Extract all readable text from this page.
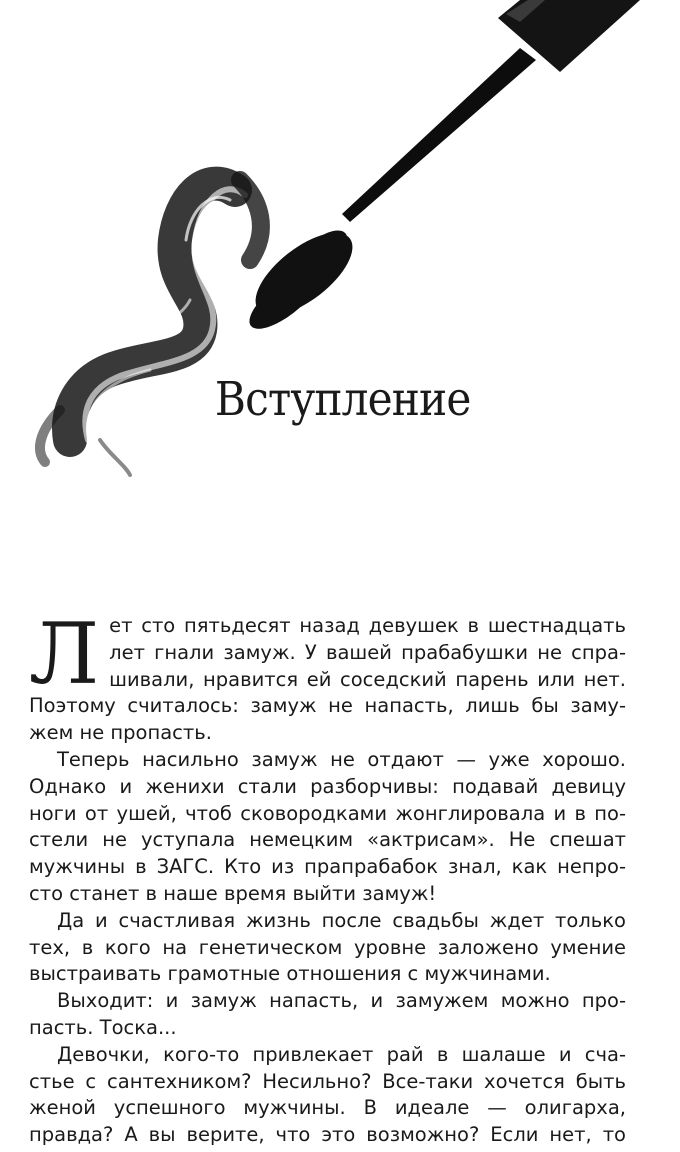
Вступление

Л ет сто пятьдесят назад девушек в шестнадцать
лет гнали замуж. У вашей прабабушки не спра-
шивали, нравится ей соседский парень или нет.
Поэтому считалось: замуж не напасть, лишь бы заму-
жем не пропасть.

Теперь насильно замуж не отдают — уже хорошо.
Однако и женихи стали разборчивы: подавай девицу
ноги от ушей, чтоб сковородками жонглировала и в по-
стели не уступала немецким «актрисам». Не спешат
мужчины в ЗАГС. Кто из прапрабабок знал, как непро-
сто станет в наше время выйти замуж!

Да и счастливая жизнь после свадьбы ждет только
тех, в кого на генетическом уровне заложено умение
выстраивать грамотные отношения с мужчинами.

Выходит: и замуж напасть, и замужем можно про-
пасть. Тоска...

Девочки, кого-то привлекает рай в шалаше и сча-
стье с сантехником? Несильно? Все-таки хочется быть
женой успешного мужчины. В идеале — олигарха,
правда? А вы верите, что это возможно? Если нет, то
